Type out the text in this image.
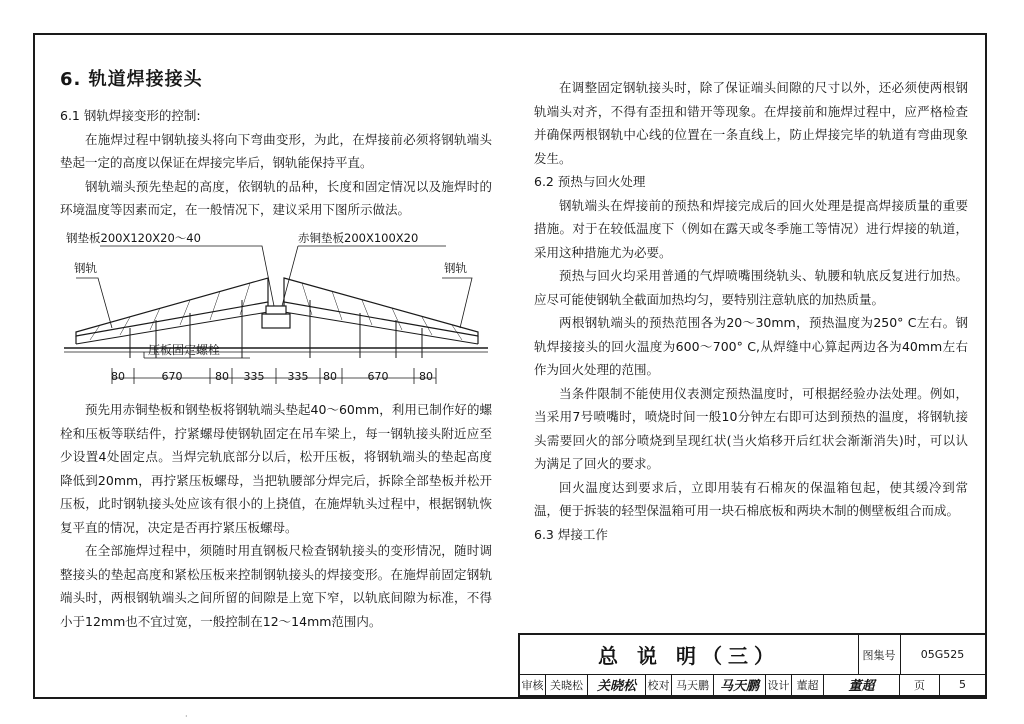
6. 轨道焊接接头
6.1 钢轨焊接变形的控制:
在施焊过程中钢轨接头将向下弯曲变形，为此，在焊接前必须将钢轨端头垫起一定的高度以保证在焊接完毕后，钢轨能保持平直。
钢轨端头预先垫起的高度，依钢轨的品种，长度和固定情况以及施焊时的环境温度等因素而定，在一般情况下，建议采用下图所示做法。
钢垫板200X120X20～40	赤铜垫板200X100X20
钢轨	钢轨
压板固定螺栓
80	670	80 335 335 80	670	80
预先用赤铜垫板和钢垫板将钢轨端头垫起40～60mm，利用已制作好的螺栓和压板等联结件，拧紧螺母使钢轨固定在吊车梁上，每一钢轨接头附近应至少设置4处固定点。当焊完轨底部分以后，松开压板，将钢轨端头的垫起高度降低到20mm，再拧紧压板螺母，当把轨腰部分焊完后，拆除全部垫板并松开压板，此时钢轨接头处应该有很小的上挠值，在施焊轨头过程中，根据钢轨恢复平直的情况，决定是否再拧紧压板螺母。
在全部施焊过程中，须随时用直钢板尺检查钢轨接头的变形情况，随时调整接头的垫起高度和紧松压板来控制钢轨接头的焊接变形。在施焊前固定钢轨端头时，两根钢轨端头之间所留的间隙是上宽下窄，以轨底间隙为标准，不得小于12mm也不宜过宽，一般控制在12～14mm范围内。
在调整固定钢轨接头时，除了保证端头间隙的尺寸以外，还必须使两根钢轨端头对齐，不得有歪扭和错开等现象。在焊接前和施焊过程中，应严格检查并确保两根钢轨中心线的位置在一条直线上，防止焊接完毕的轨道有弯曲现象发生。
6.2 预热与回火处理
钢轨端头在焊接前的预热和焊接完成后的回火处理是提高焊接质量的重要措施。对于在较低温度下（例如在露天或冬季施工等情况）进行焊接的轨道，采用这种措施尤为必要。
预热与回火均采用普通的气焊喷嘴围绕轨头、轨腰和轨底反复进行加热。应尽可能使钢轨全截面加热均匀，要特别注意轨底的加热质量。
两根钢轨端头的预热范围各为20～30mm，预热温度为250° C左右。钢轨焊接接头的回火温度为600～700° C,从焊缝中心算起两边各为40mm左右作为回火处理的范围。
当条件限制不能使用仪表测定预热温度时，可根据经验办法处理。例如，当采用7号喷嘴时，喷烧时间一般10分钟左右即可达到预热的温度，将钢轨接头需要回火的部分喷烧到呈现红状(当火焰移开后红状会渐渐消失)时，可以认为满足了回火的要求。
回火温度达到要求后，立即用装有石棉灰的保温箱包起，使其缓冷到常温，便于拆装的轻型保温箱可用一块石棉底板和两块木制的侧壁板组合而成。
6.3 焊接工作
总 说 明（三）	图集号	05G525
审核 关晓松	关晓松	校对 马天鹏 马天鹏 设计 董超	董超	页	5
·
